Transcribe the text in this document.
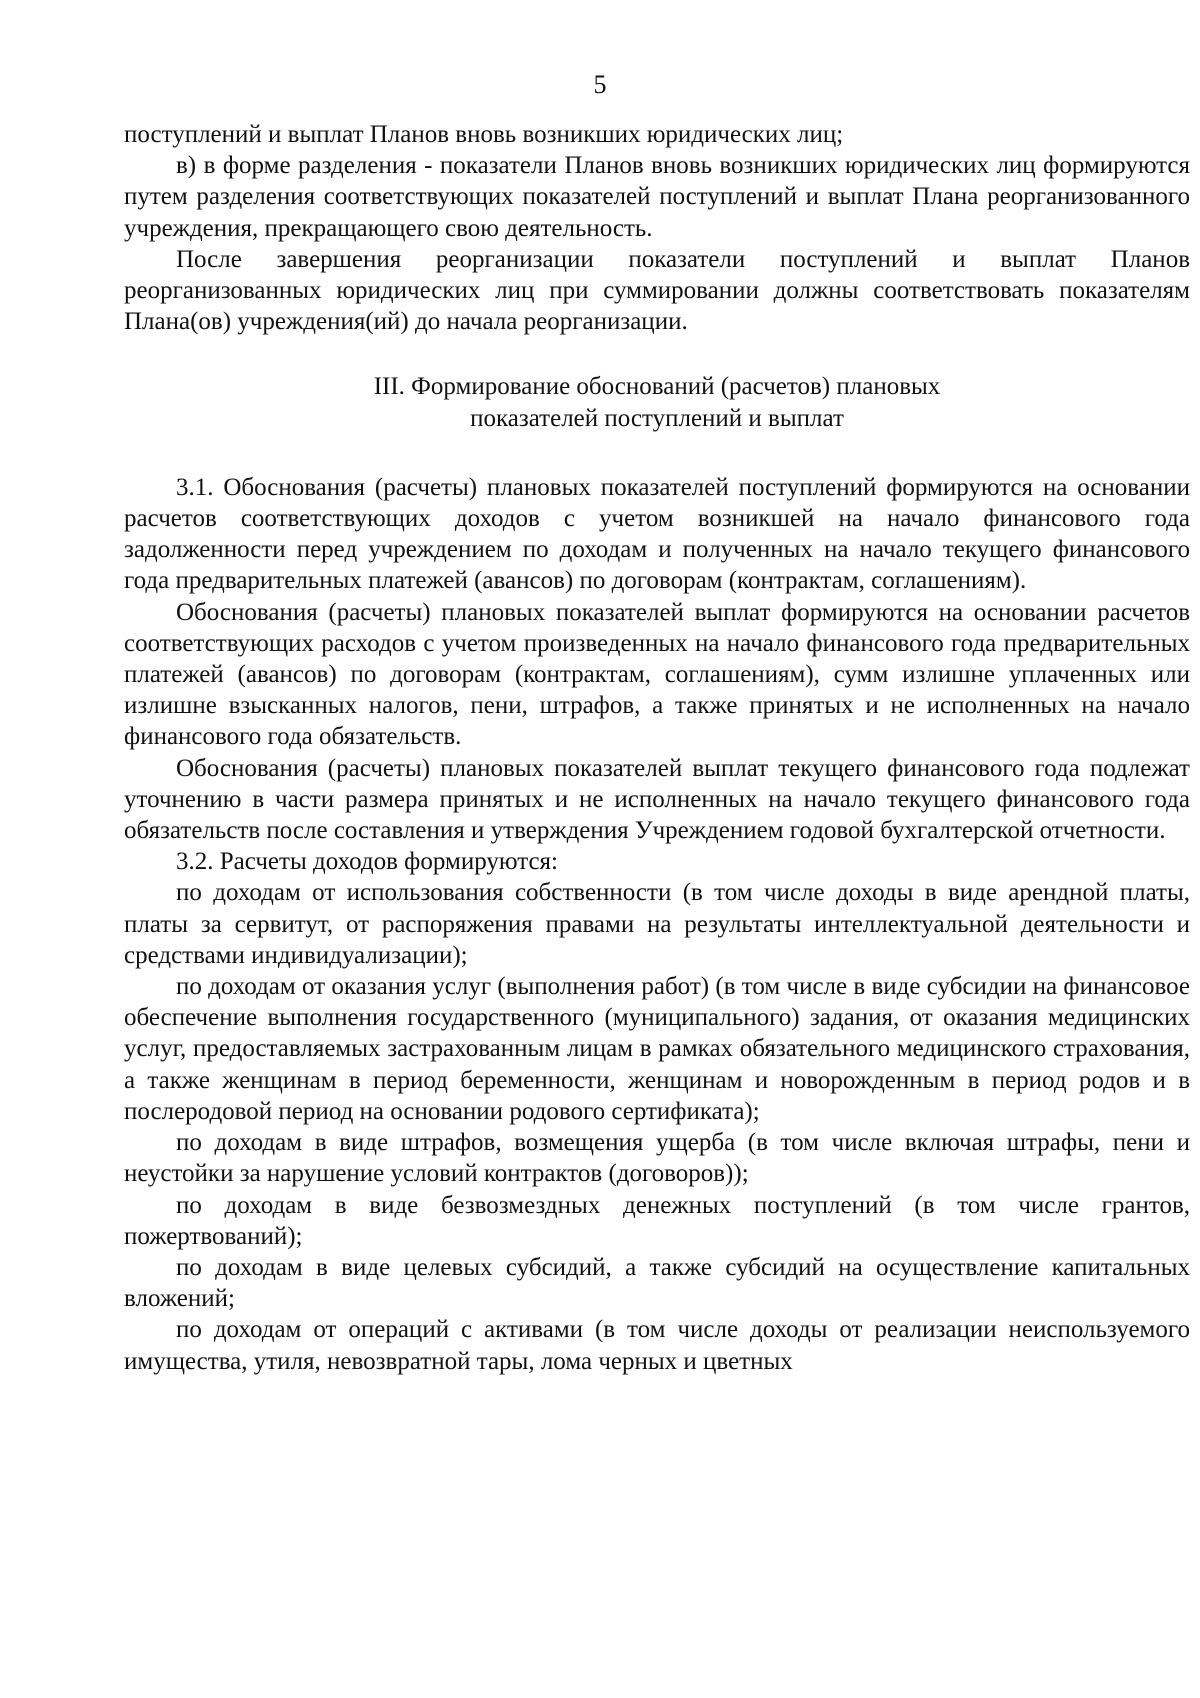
5

поступлений и выплат Планов вновь возникших юридических лиц;

в) в форме разделения - показатели Планов вновь возникших юридических лиц формируются путем разделения соответствующих показателей поступлений и выплат Плана реорганизованного учреждения, прекращающего свою деятельность.

После завершения реорганизации показатели поступлений и выплат Планов реорганизованных юридических лиц при суммировании должны соответствовать показателям Плана(ов) учреждения(ий) до начала реорганизации.

III. Формирование обоснований (расчетов) плановых
показателей поступлений и выплат

3.1. Обоснования (расчеты) плановых показателей поступлений формируются на основании расчетов соответствующих доходов с учетом возникшей на начало финансового года задолженности перед учреждением по доходам и полученных на начало текущего финансового года предварительных платежей (авансов) по договорам (контрактам, соглашениям).

Обоснования (расчеты) плановых показателей выплат формируются на основании расчетов соответствующих расходов с учетом произведенных на начало финансового года предварительных платежей (авансов) по договорам (контрактам, соглашениям), сумм излишне уплаченных или излишне взысканных налогов, пени, штрафов, а также принятых и не исполненных на начало финансового года обязательств.

Обоснования (расчеты) плановых показателей выплат текущего финансового года подлежат уточнению в части размера принятых и не исполненных на начало текущего финансового года обязательств после составления и утверждения Учреждением годовой бухгалтерской отчетности.

3.2. Расчеты доходов формируются:

по доходам от использования собственности (в том числе доходы в виде арендной платы, платы за сервитут, от распоряжения правами на результаты интеллектуальной деятельности и средствами индивидуализации);

по доходам от оказания услуг (выполнения работ) (в том числе в виде субсидии на финансовое обеспечение выполнения государственного (муниципального) задания, от оказания медицинских услуг, предоставляемых застрахованным лицам в рамках обязательного медицинского страхования, а также женщинам в период беременности, женщинам и новорожденным в период родов и в послеродовой период на основании родового сертификата);

по доходам в виде штрафов, возмещения ущерба (в том числе включая штрафы, пени и неустойки за нарушение условий контрактов (договоров));

по доходам в виде безвозмездных денежных поступлений (в том числе грантов, пожертвований);

по доходам в виде целевых субсидий, а также субсидий на осуществление капитальных вложений;

по доходам от операций с активами (в том числе доходы от реализации неиспользуемого имущества, утиля, невозвратной тары, лома черных и цветных
